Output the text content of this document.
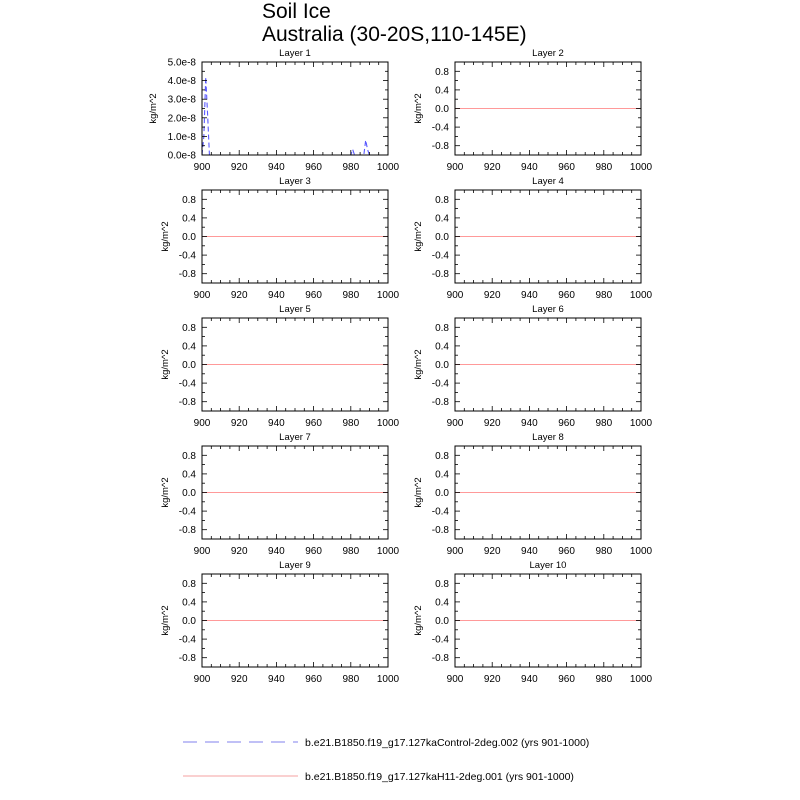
Soil Ice
Australia (30-20S,110-145E)
900 920 940 960 980 1000
0.0e-8
1.0e-8
2.0e-8
3.0e-8
4.0e-8
5.0e-8
Layer 1
kg/m^2
900 920 940 960 980 1000
-0.8
-0.4
0.0
0.4
0.8
Layer 2
kg/m^2
900 920 940 960 980 1000
-0.8
-0.4
0.0
0.4
0.8
Layer 3
kg/m^2
900 920 940 960 980 1000
-0.8
-0.4
0.0
0.4
0.8
Layer 4
kg/m^2
900 920 940 960 980 1000
-0.8
-0.4
0.0
0.4
0.8
Layer 5
kg/m^2
900 920 940 960 980 1000
-0.8
-0.4
0.0
0.4
0.8
Layer 6
kg/m^2
900 920 940 960 980 1000
-0.8
-0.4
0.0
0.4
0.8
Layer 7
kg/m^2
900 920 940 960 980 1000
-0.8
-0.4
0.0
0.4
0.8
Layer 8
kg/m^2
900 920 940 960 980 1000
-0.8
-0.4
0.0
0.4
0.8
Layer 9
kg/m^2
900 920 940 960 980 1000
-0.8
-0.4
0.0
0.4
0.8
Layer 10
kg/m^2
b.e21.B1850.f19_g17.127kaControl-2deg.002 (yrs 901-1000)
b.e21.B1850.f19_g17.127kaH11-2deg.001 (yrs 901-1000)
